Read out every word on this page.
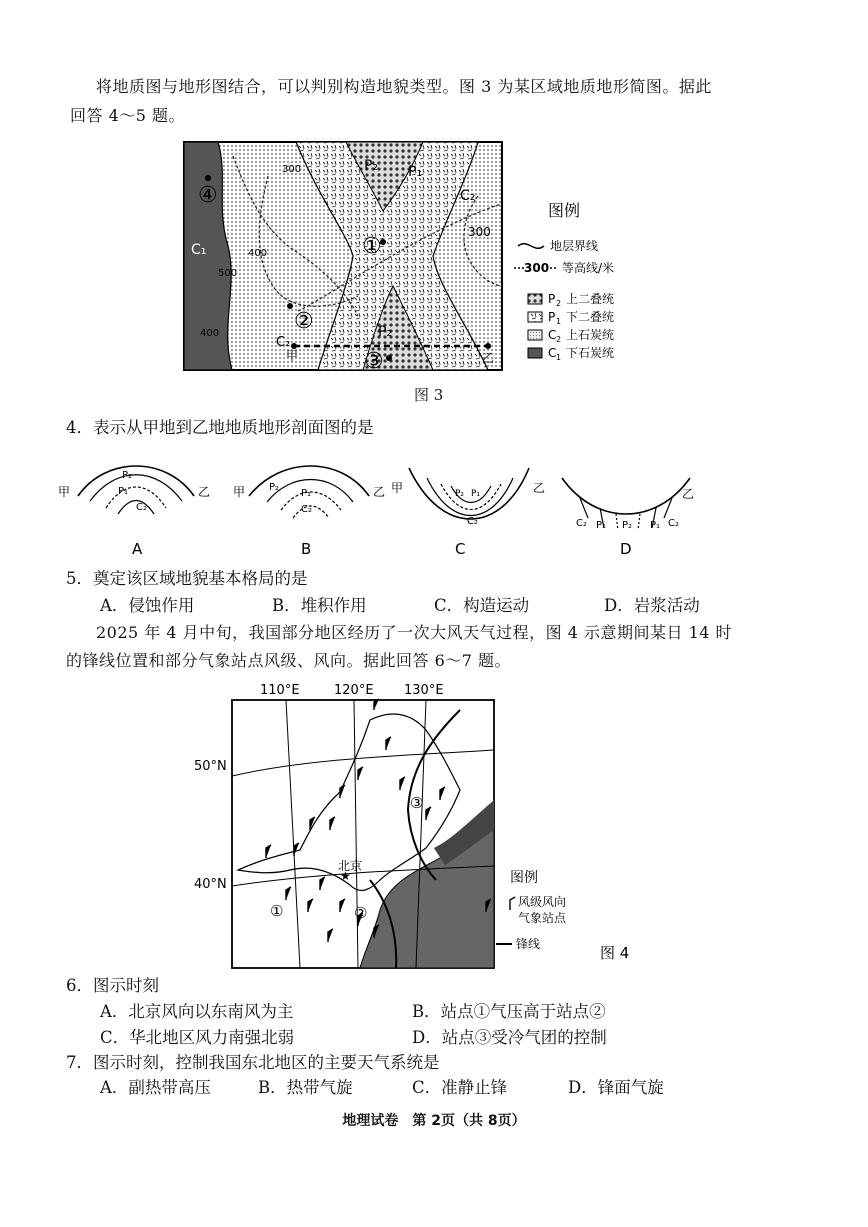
将地质图与地形图结合，可以判别构造地貌类型。图 3 为某区域地质地形简图。据此
回答 4～5 题。
④
C₁	①
②
③
C₂
C₂
P₂ P₁
P₂
300
300
400
500
400
甲	乙
图例
地层界线
300 等高线/米
P 2 上二叠统
P 1 下二叠统
C 2 上石炭统
C 1 下石炭统
图 3
4．表示从甲地到乙地地质地形剖面图的是
甲
P₂
P₁
C₂
乙
A
甲 P₂
P₁
C₂
乙
B
甲	P₂ P₁
C₂
乙
C
C₂ P₁ P₂ P₁ C₂
乙
D
5．奠定该区域地貌基本格局的是
A．侵蚀作用	B．堆积作用	C．构造运动	D．岩浆活动
2025 年 4 月中旬，我国部分地区经历了一次大风天气过程，图 4 示意期间某日 14 时
的锋线位置和部分气象站点风级、风向。据此回答 6～7 题。
110°E	120°E 130°E
50°N
40°N
①	②
③
北京
★	图例
风级风向
气象站点
锋线	图 4
6．图示时刻
A．北京风向以东南风为主	B．站点①气压高于站点②
C．华北地区风力南强北弱	D．站点③受冷气团的控制
7．图示时刻，控制我国东北地区的主要天气系统是
A．副热带高压	B．热带气旋	C．准静止锋	D．锋面气旋
地理试卷　第 2页（共 8页）
